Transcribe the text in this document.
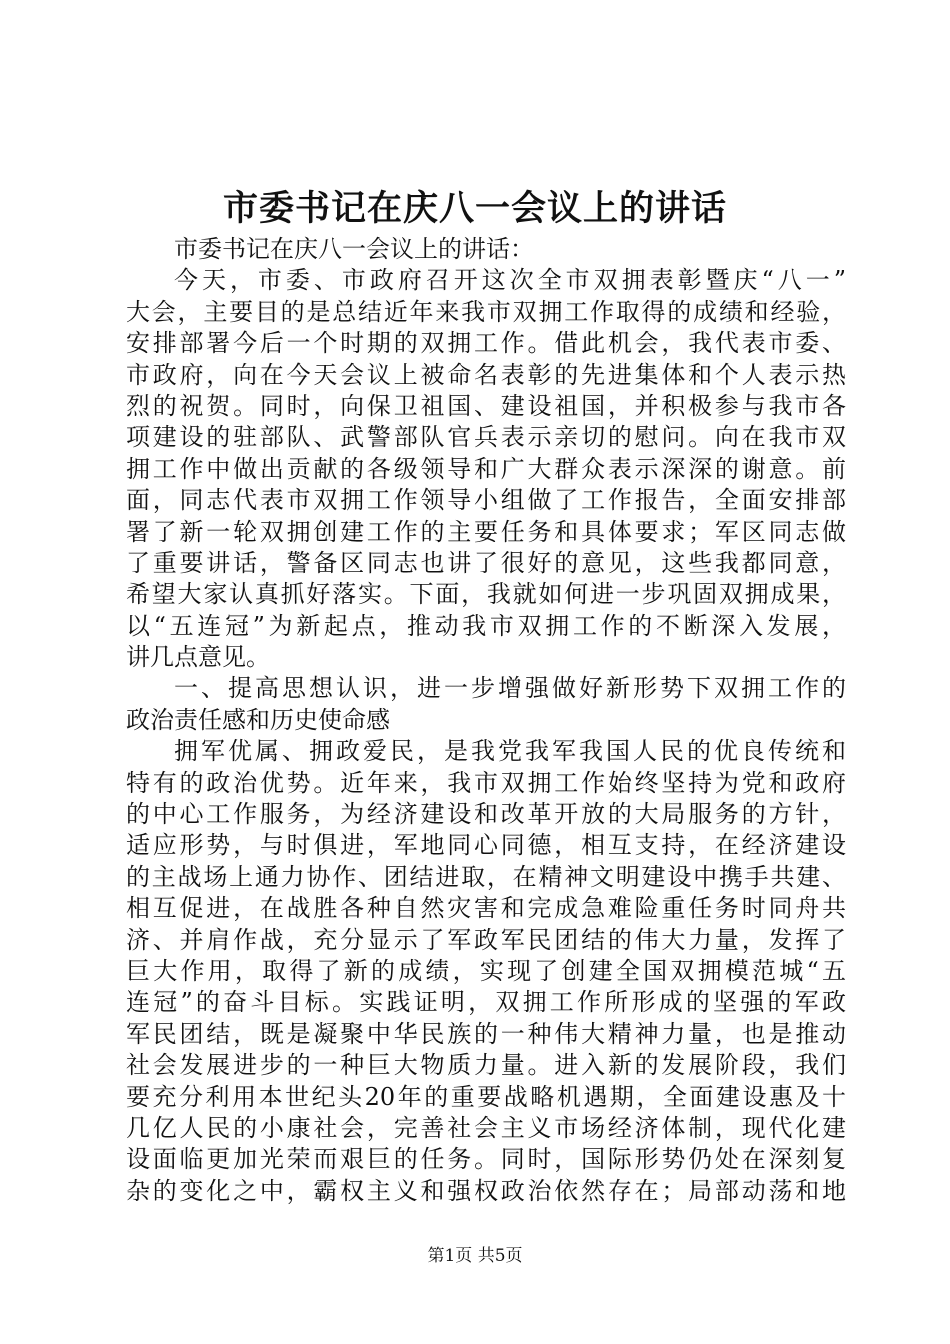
市委书记在庆八一会议上的讲话
市委书记在庆八一会议上的讲话：
今天，市委、市政府召开这次全市双拥表彰暨庆“八一”
大会，主要目的是总结近年来我市双拥工作取得的成绩和经验，
安排部署今后一个时期的双拥工作。借此机会，我代表市委、
市政府，向在今天会议上被命名表彰的先进集体和个人表示热
烈的祝贺。同时，向保卫祖国、建设祖国，并积极参与我市各
项建设的驻部队、武警部队官兵表示亲切的慰问。向在我市双
拥工作中做出贡献的各级领导和广大群众表示深深的谢意。前
面，同志代表市双拥工作领导小组做了工作报告，全面安排部
署了新一轮双拥创建工作的主要任务和具体要求；军区同志做
了重要讲话，警备区同志也讲了很好的意见，这些我都同意，
希望大家认真抓好落实。下面，我就如何进一步巩固双拥成果，
以“五连冠”为新起点，推动我市双拥工作的不断深入发展，
讲几点意见。
一、提高思想认识，进一步增强做好新形势下双拥工作的
政治责任感和历史使命感
拥军优属、拥政爱民，是我党我军我国人民的优良传统和
特有的政治优势。近年来，我市双拥工作始终坚持为党和政府
的中心工作服务，为经济建设和改革开放的大局服务的方针，
适应形势，与时俱进，军地同心同德，相互支持，在经济建设
的主战场上通力协作、团结进取，在精神文明建设中携手共建、
相互促进，在战胜各种自然灾害和完成急难险重任务时同舟共
济、并肩作战，充分显示了军政军民团结的伟大力量，发挥了
巨大作用，取得了新的成绩，实现了创建全国双拥模范城“五
连冠”的奋斗目标。实践证明，双拥工作所形成的坚强的军政
军民团结，既是凝聚中华民族的一种伟大精神力量，也是推动
社会发展进步的一种巨大物质力量。进入新的发展阶段，我们
要充分利用本世纪头20年的重要战略机遇期，全面建设惠及十
几亿人民的小康社会，完善社会主义市场经济体制，现代化建
设面临更加光荣而艰巨的任务。同时，国际形势仍处在深刻复
杂的变化之中，霸权主义和强权政治依然存在；局部动荡和地
第1页 共5页
